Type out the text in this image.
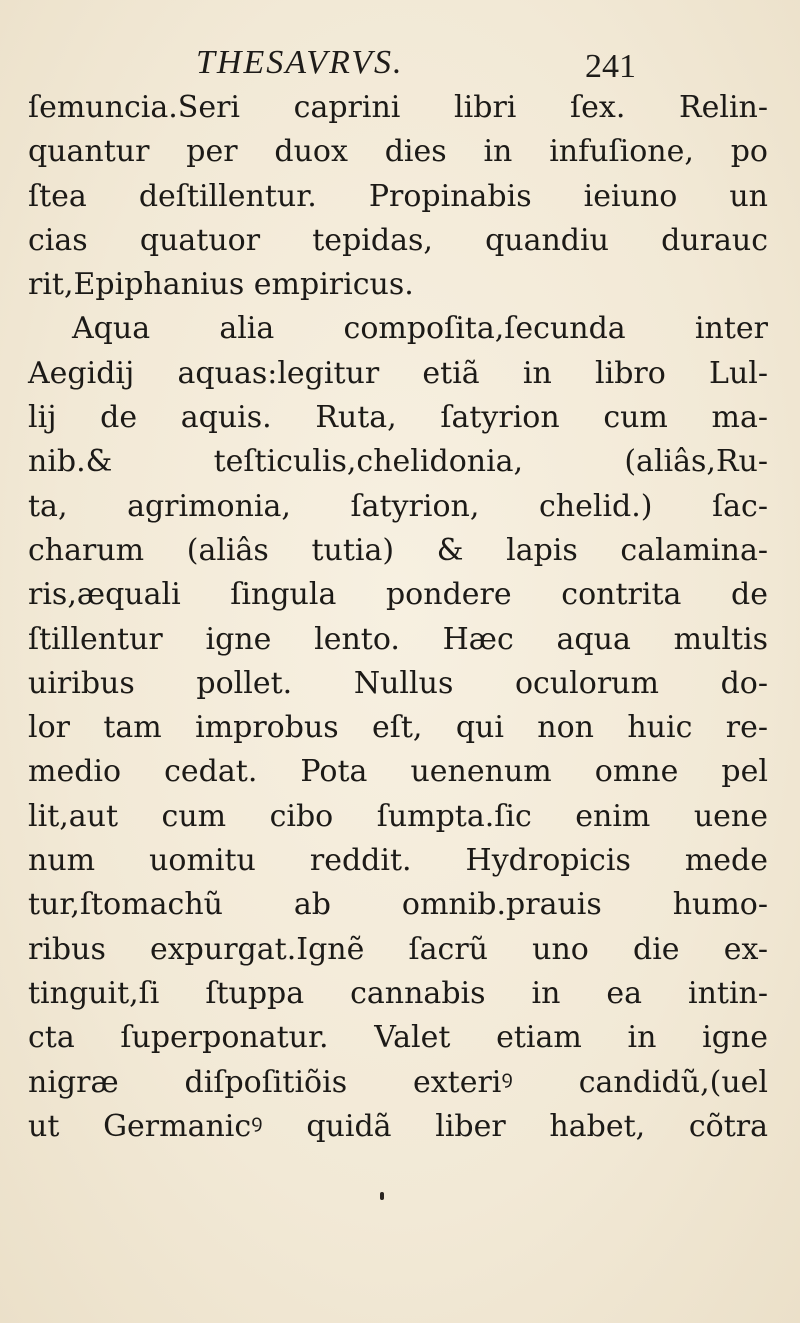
THESAVRVS.	241
ſemuncia.Seri caprini libri ſex. Relin-
quantur per duox dies in infuſione, po
ſtea deſtillentur. Propinabis ieiuno un
cias quatuor tepidas, quandiu durauc
rit,Epiphanius empiricus.
Aqua alia compoſita,ſecunda inter
Aegidij aquas:legitur etiã in libro Lul-
lij de aquis. Ruta, ſatyrion cum ma-
nib.& teſticulis,chelidonia, (aliâs,Ru-
ta, agrimonia, ſatyrion, chelid.) ſac-
charum (aliâs tutia) & lapis calamina-
ris,æquali ſingula pondere contrita de
ſtillentur igne lento. Hæc aqua multis
uiribus pollet. Nullus oculorum do-
lor tam improbus eſt, qui non huic re-
medio cedat. Pota uenenum omne pel
lit,aut cum cibo ſumpta.ſic enim uene
num uomitu reddit. Hydropicis mede
tur,ſtomachũ ab omnib.prauis humo-
ribus expurgat.Ignẽ ſacrũ uno die ex-
tinguit,ſi ſtuppa cannabis in ea intin-
cta ſuperponatur. Valet etiam in igne
nigræ diſpoſitiõis exteriꝰ candidũ,(uel
ut Germanicꝰ quidã liber habet, cõtra
